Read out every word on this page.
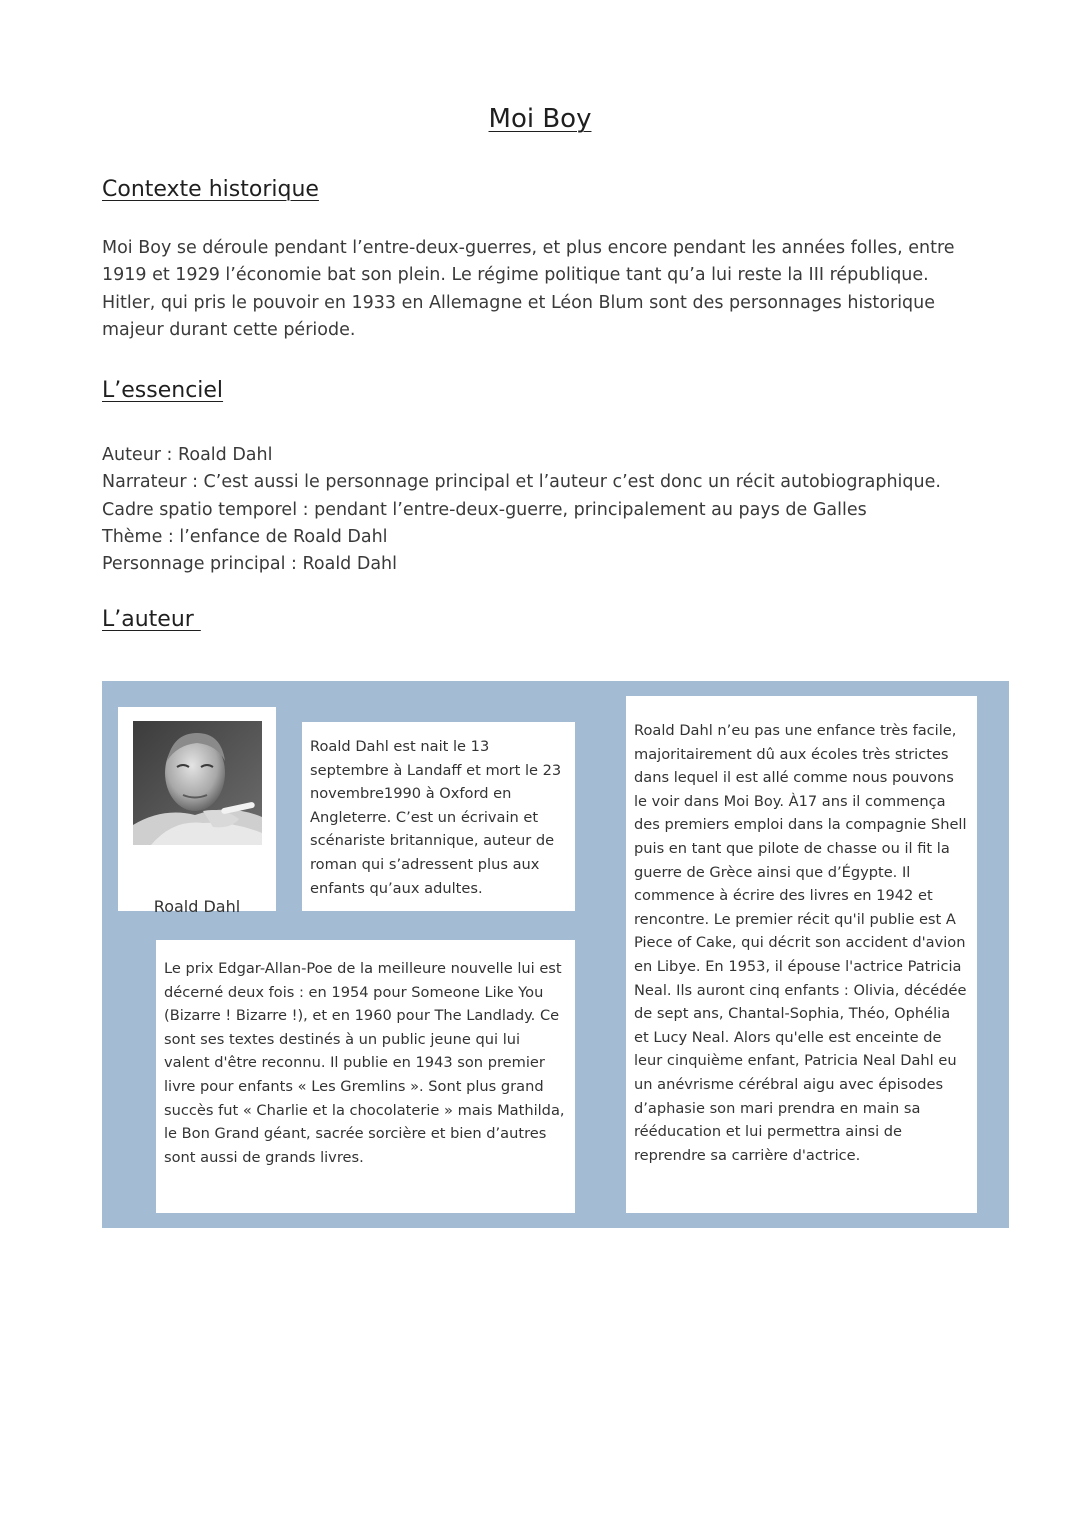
Moi Boy
Contexte historique

Moi Boy se déroule pendant l’entre-deux-guerres, et plus encore pendant les années folles, entre 1919 et 1929 l’économie bat son plein. Le régime politique tant qu’a lui reste la III république. Hitler, qui pris le pouvoir en 1933 en Allemagne et Léon Blum sont des personnages historique majeur durant cette période.

L’essenciel
Auteur : Roald Dahl
Narrateur : C’est aussi le personnage principal et l’auteur c’est donc un récit autobiographique.
Cadre spatio temporel : pendant l’entre-deux-guerre, principalement au pays de Galles
Thème : l’enfance de Roald Dahl
Personnage principal : Roald Dahl
L’auteur
Roald Dahl

Roald Dahl est nait le 13 septembre à Landaff et mort le 23 novembre1990 à Oxford en Angleterre. C’est un écrivain et scénariste britannique, auteur de roman qui s’adressent plus aux enfants qu’aux adultes.

Roald Dahl n’eu pas une enfance très facile, majoritairement dû aux écoles très strictes dans lequel il est allé comme nous pouvons le voir dans Moi Boy. À17 ans il commença des premiers emploi dans la compagnie Shell puis en tant que pilote de chasse ou il fit la guerre de Grèce ainsi que d’Égypte. Il commence à écrire des livres en 1942 et rencontre. Le premier récit qu'il publie est A Piece of Cake, qui décrit son accident d'avion en Libye. En 1953, il épouse l'actrice Patricia Neal. Ils auront cinq enfants : Olivia, décédée de sept ans, Chantal-Sophia, Théo, Ophélia et Lucy Neal. Alors qu'elle est enceinte de leur cinquième enfant, Patricia Neal Dahl eu un anévrisme cérébral aigu avec épisodes d’aphasie son mari prendra en main sa rééducation et lui permettra ainsi de reprendre sa carrière d'actrice.

Le prix Edgar-Allan-Poe de la meilleure nouvelle lui est décerné deux fois : en 1954 pour Someone Like You (Bizarre ! Bizarre !), et en 1960 pour The Landlady. Ce sont ses textes destinés à un public jeune qui lui valent d'être reconnu. Il publie en 1943 son premier livre pour enfants « Les Gremlins ». Sont plus grand succès fut « Charlie et la chocolaterie » mais Mathilda, le Bon Grand géant, sacrée sorcière et bien d’autres sont aussi de grands livres.
